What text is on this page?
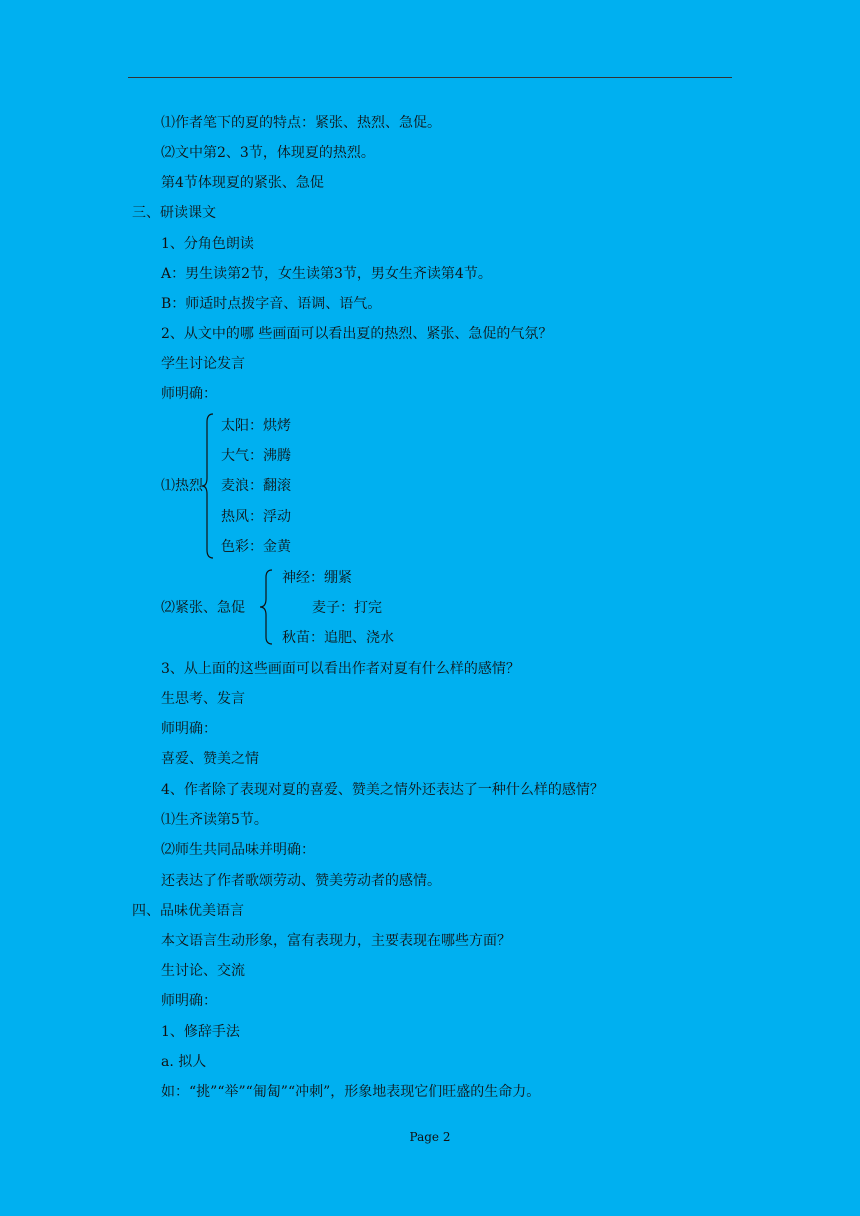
⑴作者笔下的夏的特点：紧张、热烈、急促。
⑵文中第2、3节，体现夏的热烈。
第4节体现夏的紧张、急促
三、研读课文
1、分角色朗读
A：男生读第2节，女生读第3节，男女生齐读第4节。
B：师适时点拨字音、语调、语气。
2、从文中的哪 些画面可以看出夏的热烈、紧张、急促的气氛？
学生讨论发言
师明确：
⑴热烈
太阳：烘烤
大气：沸腾
麦浪：翻滚
热风：浮动
色彩：金黄
⑵紧张、急促
神经：绷紧
麦子：打完
秋苗：追肥、浇水
3、从上面的这些画面可以看出作者对夏有什么样的感情？
生思考、发言
师明确：
喜爱、赞美之情
4、作者除了表现对夏的喜爱、赞美之情外还表达了一种什么样的感情？
⑴生齐读第5节。
⑵师生共同品味并明确：
还表达了作者歌颂劳动、赞美劳动者的感情。
四、品味优美语言
本文语言生动形象，富有表现力，主要表现在哪些方面？
生讨论、交流
师明确：
1、修辞手法
a. 拟人
如：“挑”“举”“匍匐”“冲刺”，形象地表现它们旺盛的生命力。
Page 2
